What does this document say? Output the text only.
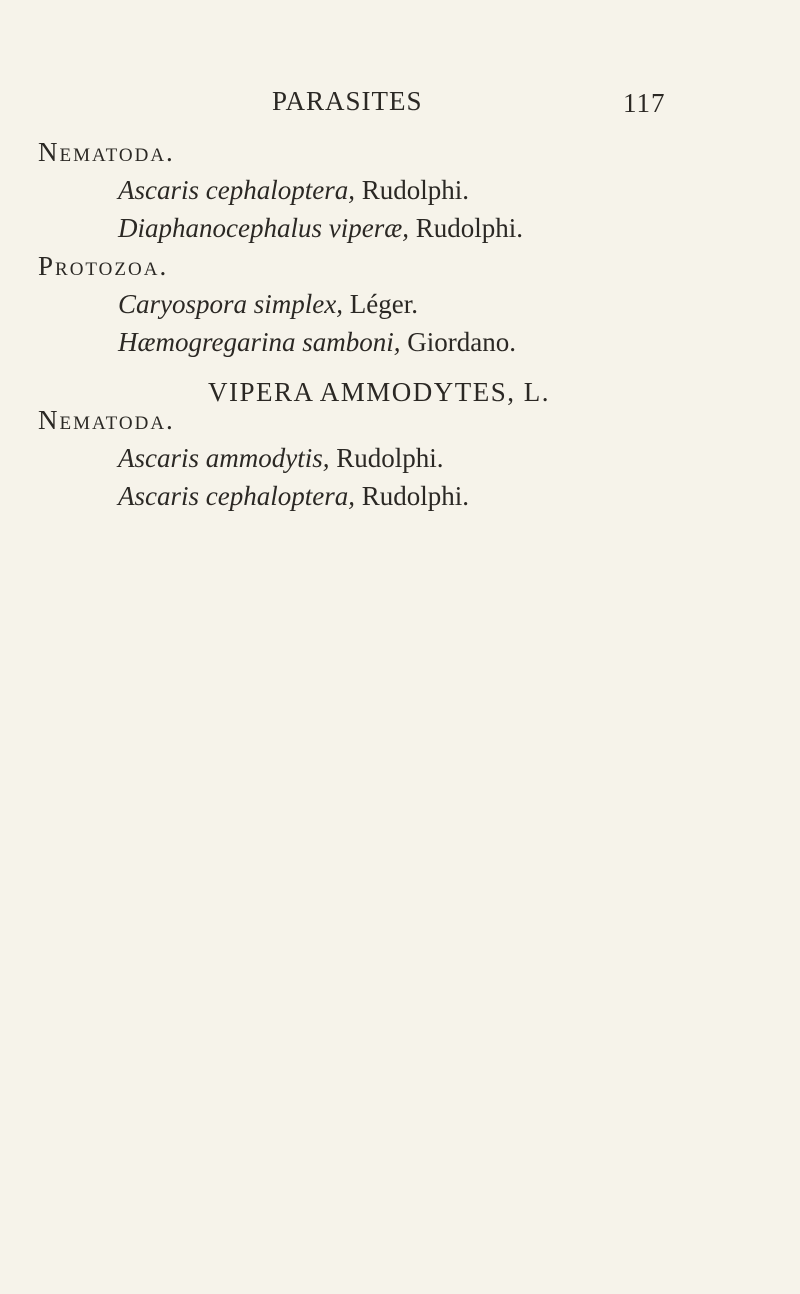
PARASITES	117
Nematoda.
Ascaris cephaloptera, Rudolphi.
Diaphanocephalus viperæ, Rudolphi.
Protozoa.
Caryospora simplex, Léger.
Hæmogregarina samboni, Giordano.
VIPERA AMMODYTES, L.
Nematoda.
Ascaris ammodytis, Rudolphi.
Ascaris cephaloptera, Rudolphi.
